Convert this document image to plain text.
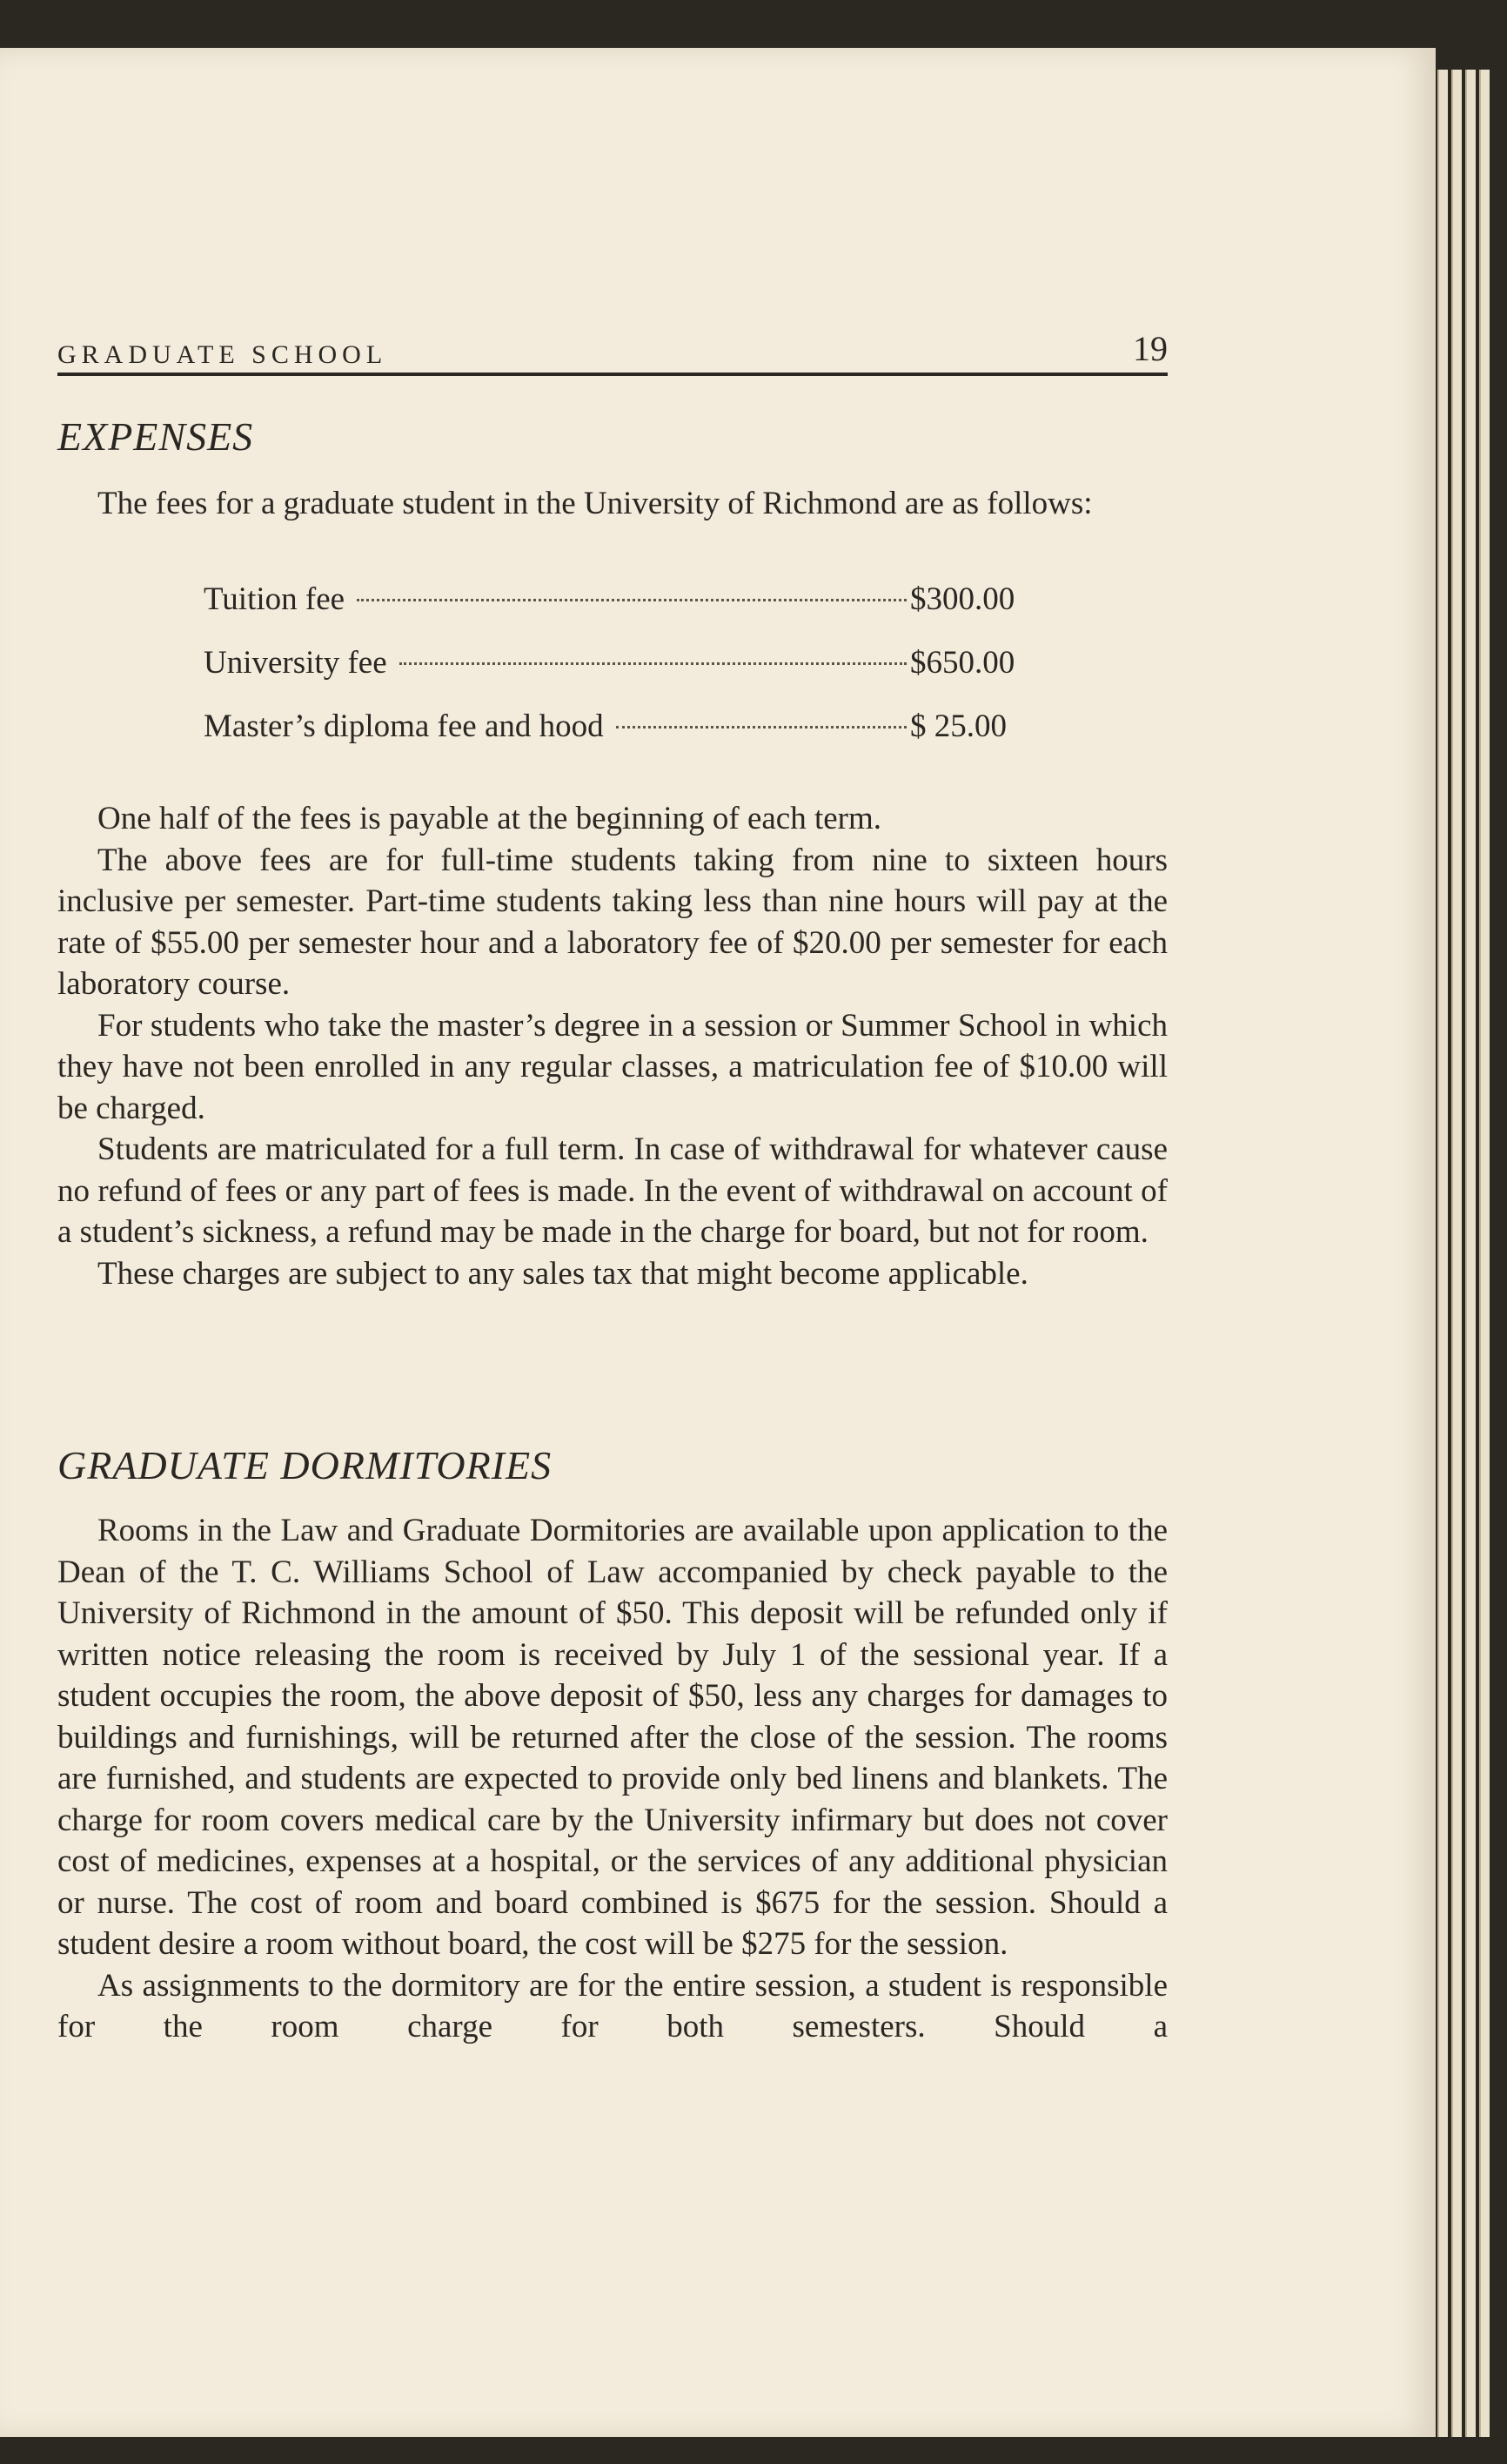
GRADUATE SCHOOL	19
EXPENSES

The fees for a graduate student in the University of Richmond are as follows:

Tuition fee	$300.00
University fee	$650.00
Master’s diploma fee and hood	$ 25.00

One half of the fees is payable at the beginning of each term.
The above fees are for full-time students taking from nine to sixteen hours inclusive per semester. Part-time students taking less than nine hours will pay at the rate of $55.00 per semester hour and a laboratory fee of $20.00 per semester for each laboratory course.
For students who take the master’s degree in a session or Summer School in which they have not been enrolled in any regular classes, a matriculation fee of $10.00 will be charged.
Students are matriculated for a full term. In case of withdrawal for whatever cause no refund of fees or any part of fees is made. In the event of withdrawal on account of a student’s sickness, a refund may be made in the charge for board, but not for room.
These charges are subject to any sales tax that might become applicable.

GRADUATE DORMITORIES

Rooms in the Law and Graduate Dormitories are available upon application to the Dean of the T. C. Williams School of Law accompanied by check payable to the University of Richmond in the amount of $50. This deposit will be refunded only if written notice releasing the room is received by July 1 of the sessional year. If a student occupies the room, the above deposit of $50, less any charges for damages to buildings and furnishings, will be returned after the close of the session. The rooms are furnished, and students are expected to provide only bed linens and blankets. The charge for room covers medical care by the University infirmary but does not cover cost of medicines, expenses at a hospital, or the services of any additional physician or nurse. The cost of room and board combined is $675 for the session. Should a student desire a room without board, the cost will be $275 for the session.
As assignments to the dormitory are for the entire session, a student is responsible for the room charge for both semesters. Should a
